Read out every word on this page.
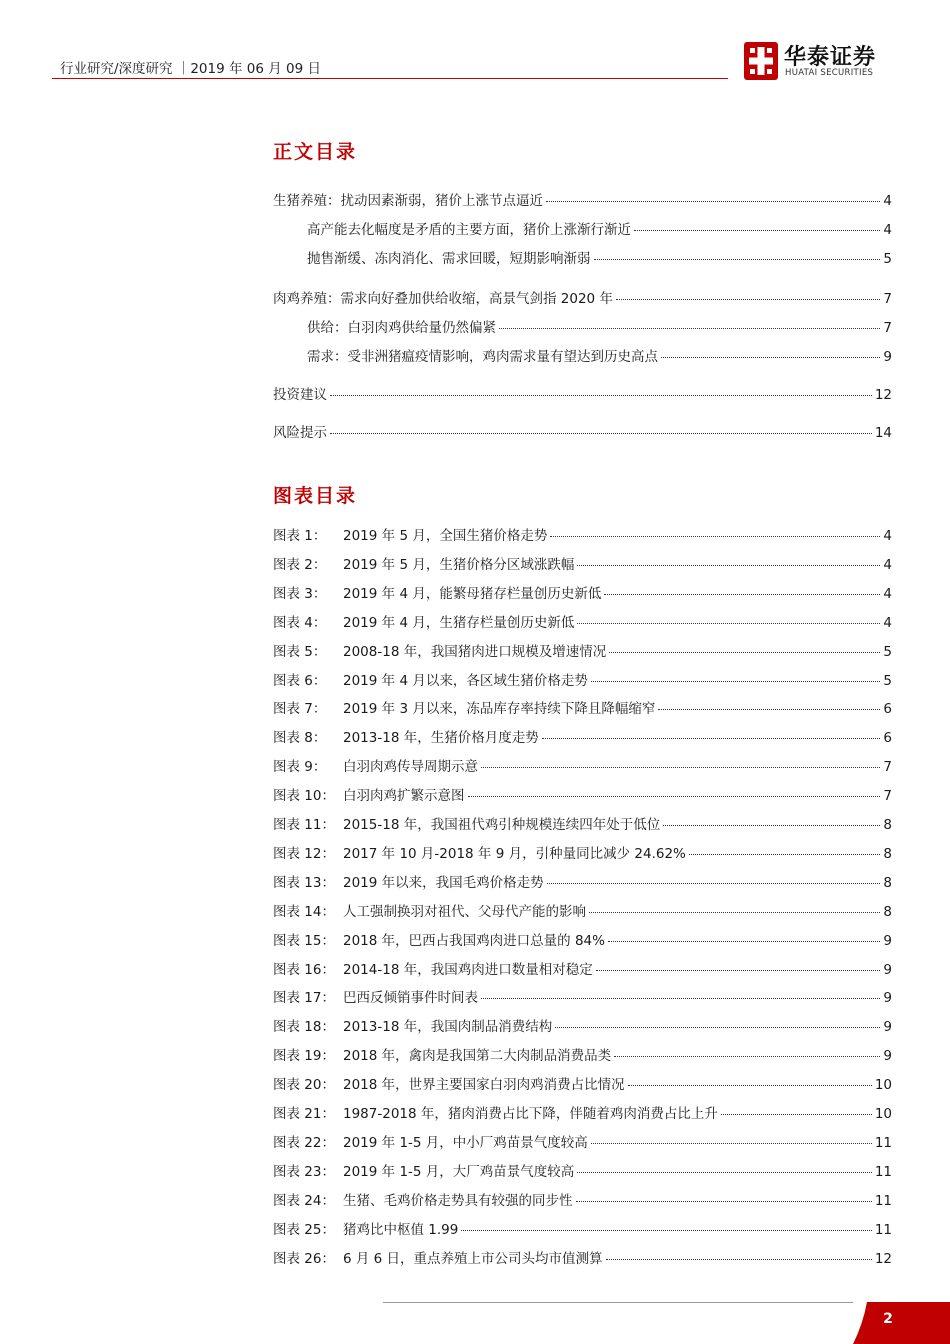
行业研究/深度研究 ｜2019 年 06 月 09 日	华泰证券
HUATAI SECURITIES
正文目录
生猪养殖：扰动因素渐弱，猪价上涨节点逼近	4
高产能去化幅度是矛盾的主要方面，猪价上涨渐行渐近	4
抛售渐缓、冻肉消化、需求回暖，短期影响渐弱	5
肉鸡养殖：需求向好叠加供给收缩，高景气剑指 2020 年	7
供给：白羽肉鸡供给量仍然偏紧	7
需求：受非洲猪瘟疫情影响，鸡肉需求量有望达到历史高点	9
投资建议	12
风险提示	14
图表目录
图表 1： 2019 年 5 月，全国生猪价格走势	4
图表 2： 2019 年 5 月，生猪价格分区域涨跌幅	4
图表 3： 2019 年 4 月，能繁母猪存栏量创历史新低	4
图表 4： 2019 年 4 月，生猪存栏量创历史新低	4
图表 5： 2008-18 年，我国猪肉进口规模及增速情况	5
图表 6： 2019 年 4 月以来，各区域生猪价格走势	5
图表 7： 2019 年 3 月以来，冻品库存率持续下降且降幅缩窄	6
图表 8： 2013-18 年，生猪价格月度走势	6
图表 9： 白羽肉鸡传导周期示意	7
图表 10： 白羽肉鸡扩繁示意图	7
图表 11： 2015-18 年，我国祖代鸡引种规模连续四年处于低位	8
图表 12： 2017 年 10 月-2018 年 9 月，引种量同比减少 24.62%	8
图表 13： 2019 年以来，我国毛鸡价格走势	8
图表 14： 人工强制换羽对祖代、父母代产能的影响	8
图表 15： 2018 年，巴西占我国鸡肉进口总量的 84%	9
图表 16： 2014-18 年，我国鸡肉进口数量相对稳定	9
图表 17： 巴西反倾销事件时间表	9
图表 18： 2013-18 年，我国肉制品消费结构	9
图表 19： 2018 年，禽肉是我国第二大肉制品消费品类	9
图表 20： 2018 年，世界主要国家白羽肉鸡消费占比情况	10
图表 21： 1987-2018 年，猪肉消费占比下降，伴随着鸡肉消费占比上升	10
图表 22： 2019 年 1-5 月，中小厂鸡苗景气度较高	11
图表 23： 2019 年 1-5 月，大厂鸡苗景气度较高	11
图表 24： 生猪、毛鸡价格走势具有较强的同步性	11
图表 25： 猪鸡比中枢值 1.99	11
图表 26： 6 月 6 日，重点养殖上市公司头均市值测算	12
2
